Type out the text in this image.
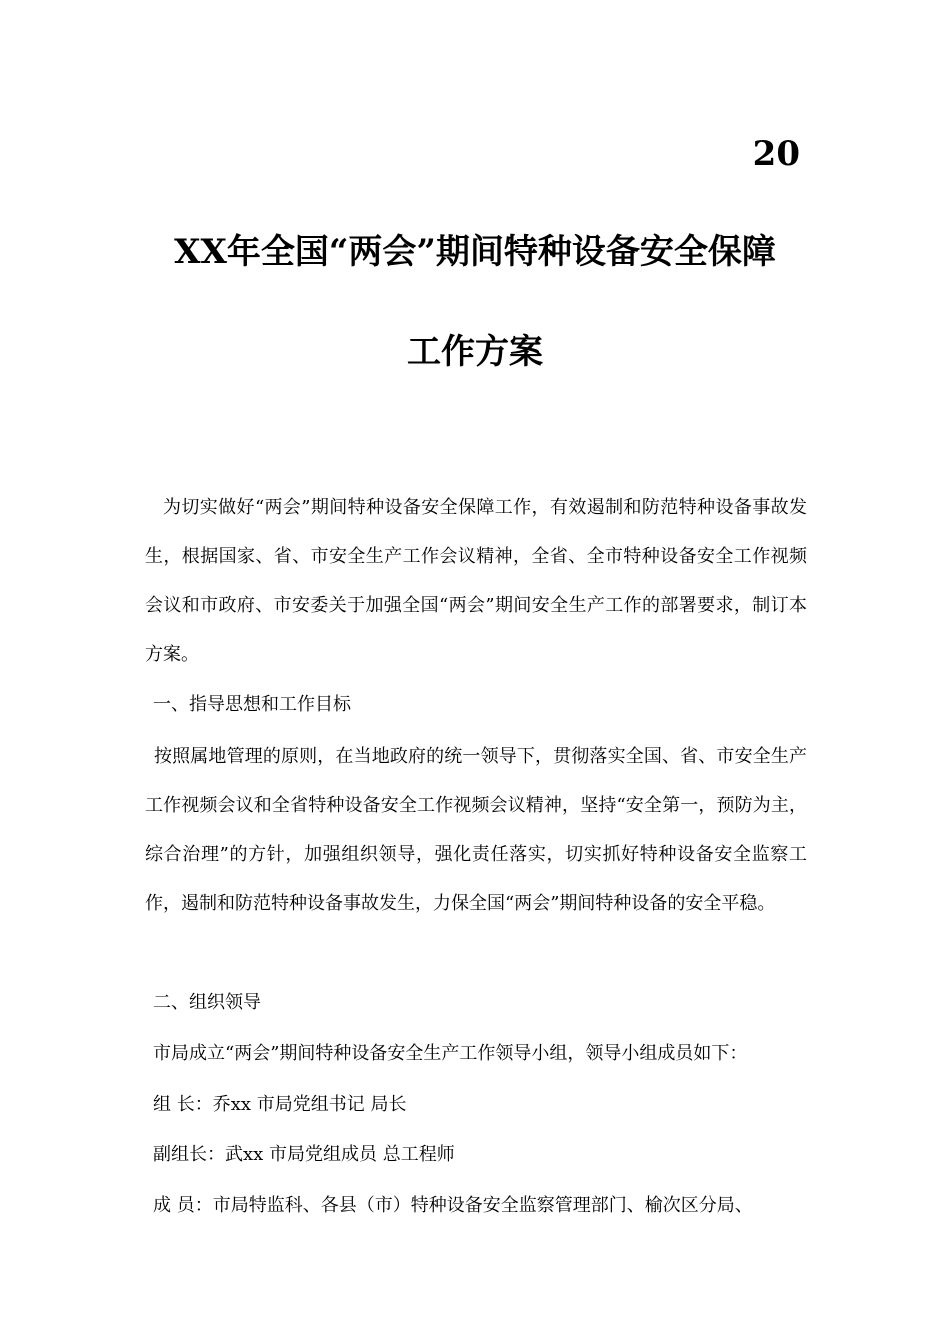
20
XX年全国“两会”期间特种设备安全保障
工作方案

为切实做好“两会”期间特种设备安全保障工作，有效遏制和防范特种设备事故发生，根据国家、省、市安全生产工作会议精神，全省、全市特种设备安全工作视频会议和市政府、市安委关于加强全国“两会”期间安全生产工作的部署要求，制订本方案。

一、指导思想和工作目标

按照属地管理的原则，在当地政府的统一领导下，贯彻落实全国、省、市安全生产工作视频会议和全省特种设备安全工作视频会议精神，坚持“安全第一，预防为主，综合治理”的方针，加强组织领导，强化责任落实，切实抓好特种设备安全监察工作，遏制和防范特种设备事故发生，力保全国“两会”期间特种设备的安全平稳。

二、组织领导
市局成立“两会”期间特种设备安全生产工作领导小组，领导小组成员如下：
组 长：乔xx 市局党组书记 局长
副组长：武xx 市局党组成员 总工程师
成 员：市局特监科、各县（市）特种设备安全监察管理部门、榆次区分局、
